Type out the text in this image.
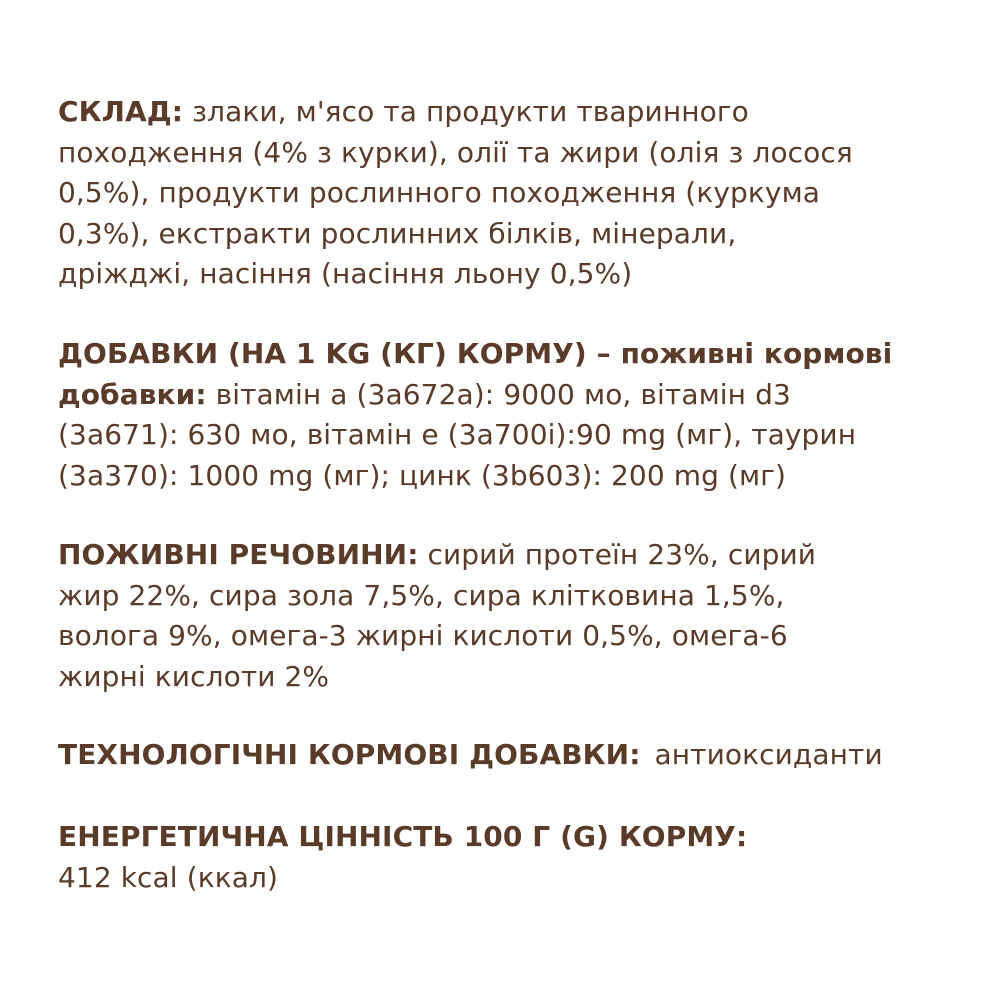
СКЛАД: злаки, м'ясо та продукти тваринного
походження (4% з курки), олії та жири (олія з лосося
0,5%), продукти рослинного походження (куркума
0,3%), екстракти рослинних білків, мінерали,
дріжджі, насіння (насіння льону 0,5%)
ДОБАВКИ (НА 1 KG (КГ) КОРМУ) – поживні кормові
добавки: вітамін a (3a672a): 9000 мо, вітамін d3
(3a671): 630 мо, вітамін е (3a700i):90 mg (мг), таурин
(3a370): 1000 mg (мг); цинк (3b603): 200 mg (мг)
ПОЖИВНІ РЕЧОВИНИ: сирий протеїн 23%, сирий
жир 22%, сира зола 7,5%, сира клітковина 1,5%,
волога 9%, омега-3 жирні кислоти 0,5%, омега-6
жирні кислоти 2%
ТЕХНОЛОГІЧНІ КОРМОВІ ДОБАВКИ: антиоксиданти
ЕНЕРГЕТИЧНА ЦІННІСТЬ 100 Г (G) КОРМУ:
412 kcal (ккал)
